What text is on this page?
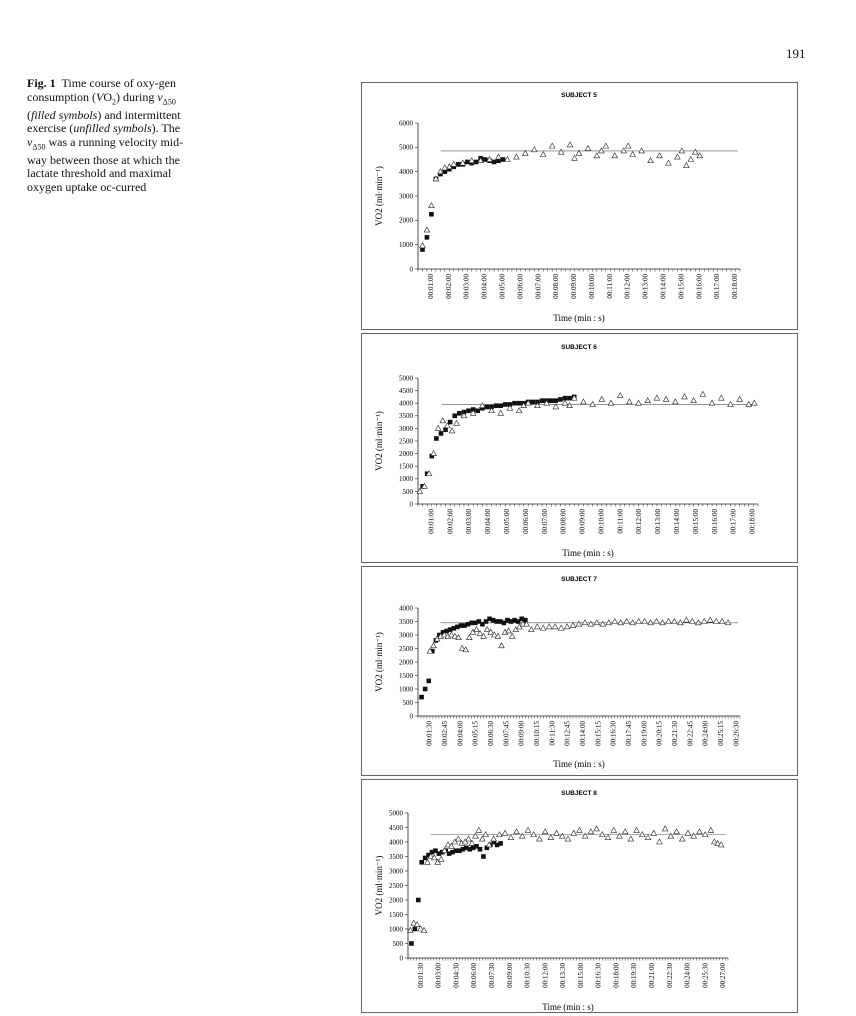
191
Fig. 1 Time course of oxy-gen consumption $(VO_2)$ during $v_{\Delta 50}$ (filled symbols) and intermittent exercise (unfilled symbols). The $v_{\Delta 50}$ was a running velocity mid-way between those at which the lactate threshold and maximal oxygen uptake oc-curred
SUBJECT 5
0
1000
2000
3000
4000
5000
6000
00:01:00 00:02:00 00:03:00 00:04:00 00:05:00 00:06:00 00:07:00 00:08:00 00:09:00 00:10:00 00:11:00 00:12:00 00:13:00 00:14:00 00:15:00 00:16:00 00:17:00 00:18:00
Time (min : s)
VO2 (ml·min⁻¹)
SUBJECT 6
0
500
1000
1500
2000
2500
3000
3500
4000
4500
5000
00:01:00 00:02:00 00:03:00 00:04:00 00:05:00 00:06:00 00:07:00 00:08:00 00:09:00 00:10:00 00:11:00 00:12:00 00:13:00 00:14:00 00:15:00 00:16:00 00:17:00 00:18:00
Time (min : s)
VO2 (ml·min⁻¹)
SUBJECT 7
0
500
1000
1500
2000
2500
3000
3500
4000
00:01:30 00:02:45 00:04:00 00:05:15 00:06:30 00:07:45 00:09:00 00:10:15 00:11:30 00:12:45 00:14:00 00:15:15 00:16:30 00:17:45 00:19:00 00:20:15 00:21:30 00:22:45 00:24:00 00:25:15 00:26:30
Time (min : s)
VO2 (ml·min⁻¹)
SUBJECT 8
0
500
1000
1500
2000
2500
3000
3500
4000
4500
5000
00:01:30 00:03:00 00:04:30 00:06:00 00:07:30 00:09:00 00:10:30 00:12:00 00:13:30 00:15:00 00:16:30 00:18:00 00:19:30 00:21:00 00:22:30 00:24:00 00:25:30 00:27:00
Time (min : s)
VO2 (ml·min⁻¹)
